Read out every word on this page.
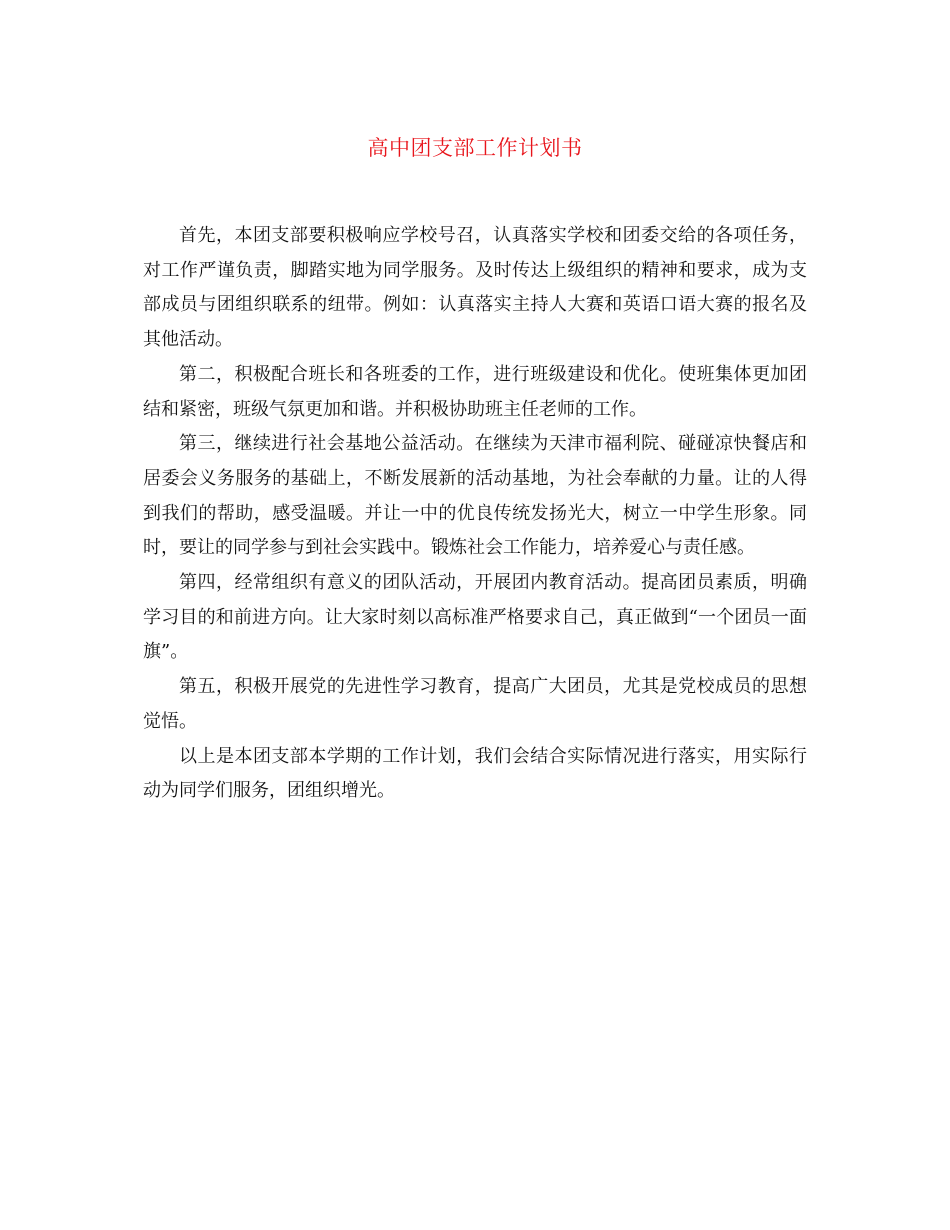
高中团支部工作计划书

首先，本团支部要积极响应学校号召，认真落实学校和团委交给的各项任务，对工作严谨负责，脚踏实地为同学服务。及时传达上级组织的精神和要求，成为支部成员与团组织联系的纽带。例如：认真落实主持人大赛和英语口语大赛的报名及其他活动。

第二，积极配合班长和各班委的工作，进行班级建设和优化。使班集体更加团结和紧密，班级气氛更加和谐。并积极协助班主任老师的工作。

第三，继续进行社会基地公益活动。在继续为天津市福利院、碰碰凉快餐店和居委会义务服务的基础上，不断发展新的活动基地，为社会奉献的力量。让的人得到我们的帮助，感受温暖。并让一中的优良传统发扬光大，树立一中学生形象。同时，要让的同学参与到社会实践中。锻炼社会工作能力，培养爱心与责任感。

第四，经常组织有意义的团队活动，开展团内教育活动。提高团员素质，明确学习目的和前进方向。让大家时刻以高标准严格要求自己，真正做到“一个团员一面旗”。

第五，积极开展党的先进性学习教育，提高广大团员，尤其是党校成员的思想觉悟。

以上是本团支部本学期的工作计划，我们会结合实际情况进行落实，用实际行动为同学们服务，团组织增光。
